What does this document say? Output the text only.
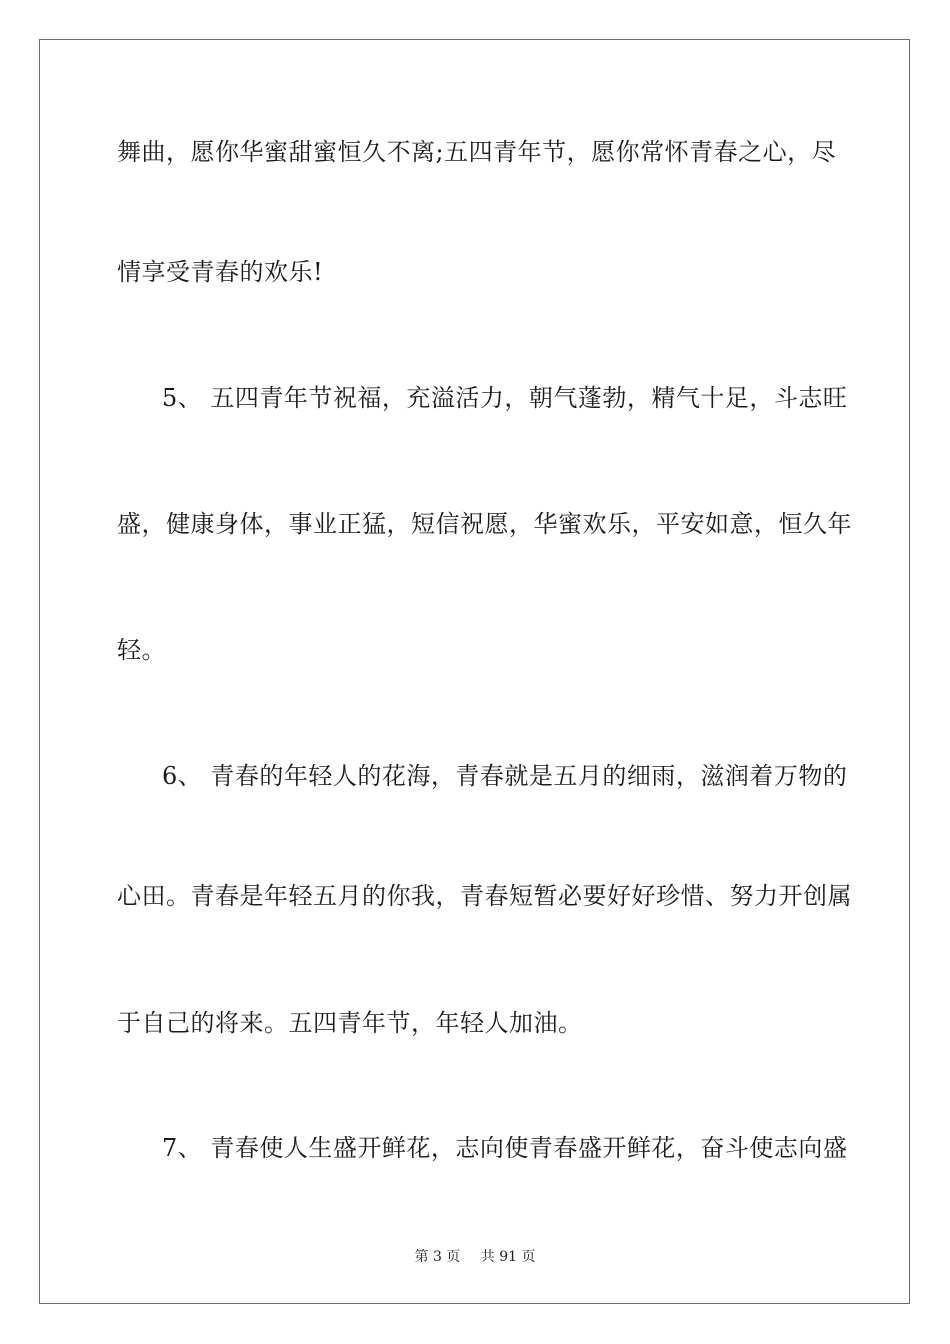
舞曲，愿你华蜜甜蜜恒久不离;五四青年节，愿你常怀青春之心，尽
情享受青春的欢乐!
5、 五四青年节祝福，充溢活力，朝气蓬勃，精气十足，斗志旺
盛，健康身体，事业正猛，短信祝愿，华蜜欢乐，平安如意，恒久年
轻。
6、 青春的年轻人的花海，青春就是五月的细雨，滋润着万物的
心田。青春是年轻五月的你我，青春短暂必要好好珍惜、努力开创属
于自己的将来。五四青年节，年轻人加油。
7、 青春使人生盛开鲜花，志向使青春盛开鲜花，奋斗使志向盛
第 3 页 共 91 页
